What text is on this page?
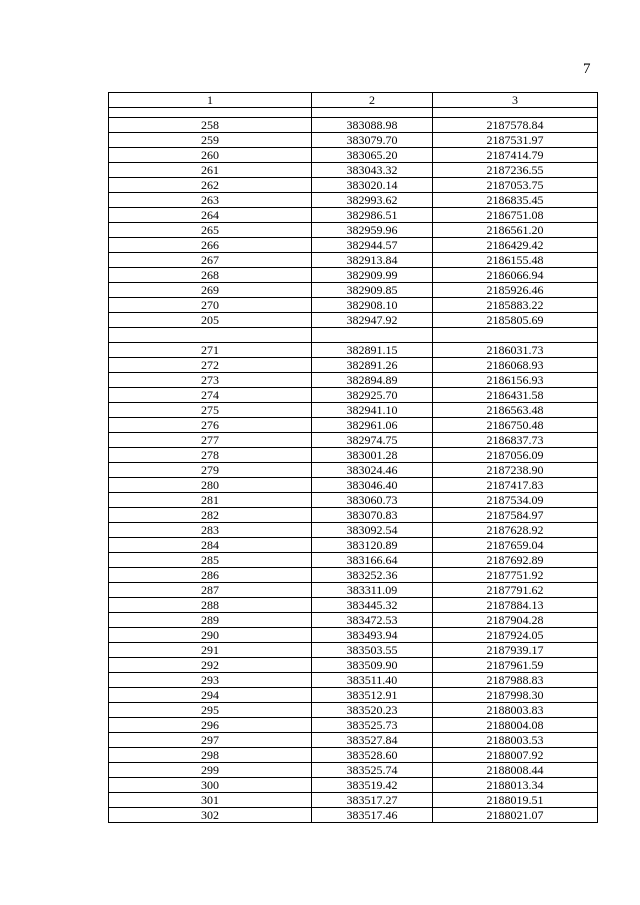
7
1	2	3

258	383088.98	2187578.84
259	383079.70	2187531.97
260	383065.20	2187414.79
261	383043.32	2187236.55
262	383020.14	2187053.75
263	382993.62	2186835.45
264	382986.51	2186751.08
265	382959.96	2186561.20
266	382944.57	2186429.42
267	382913.84	2186155.48
268	382909.99	2186066.94
269	382909.85	2185926.46
270	382908.10	2185883.22
205	382947.92	2185805.69

271	382891.15	2186031.73
272	382891.26	2186068.93
273	382894.89	2186156.93
274	382925.70	2186431.58
275	382941.10	2186563.48
276	382961.06	2186750.48
277	382974.75	2186837.73
278	383001.28	2187056.09
279	383024.46	2187238.90
280	383046.40	2187417.83
281	383060.73	2187534.09
282	383070.83	2187584.97
283	383092.54	2187628.92
284	383120.89	2187659.04
285	383166.64	2187692.89
286	383252.36	2187751.92
287	383311.09	2187791.62
288	383445.32	2187884.13
289	383472.53	2187904.28
290	383493.94	2187924.05
291	383503.55	2187939.17
292	383509.90	2187961.59
293	383511.40	2187988.83
294	383512.91	2187998.30
295	383520.23	2188003.83
296	383525.73	2188004.08
297	383527.84	2188003.53
298	383528.60	2188007.92
299	383525.74	2188008.44
300	383519.42	2188013.34
301	383517.27	2188019.51
302	383517.46	2188021.07
